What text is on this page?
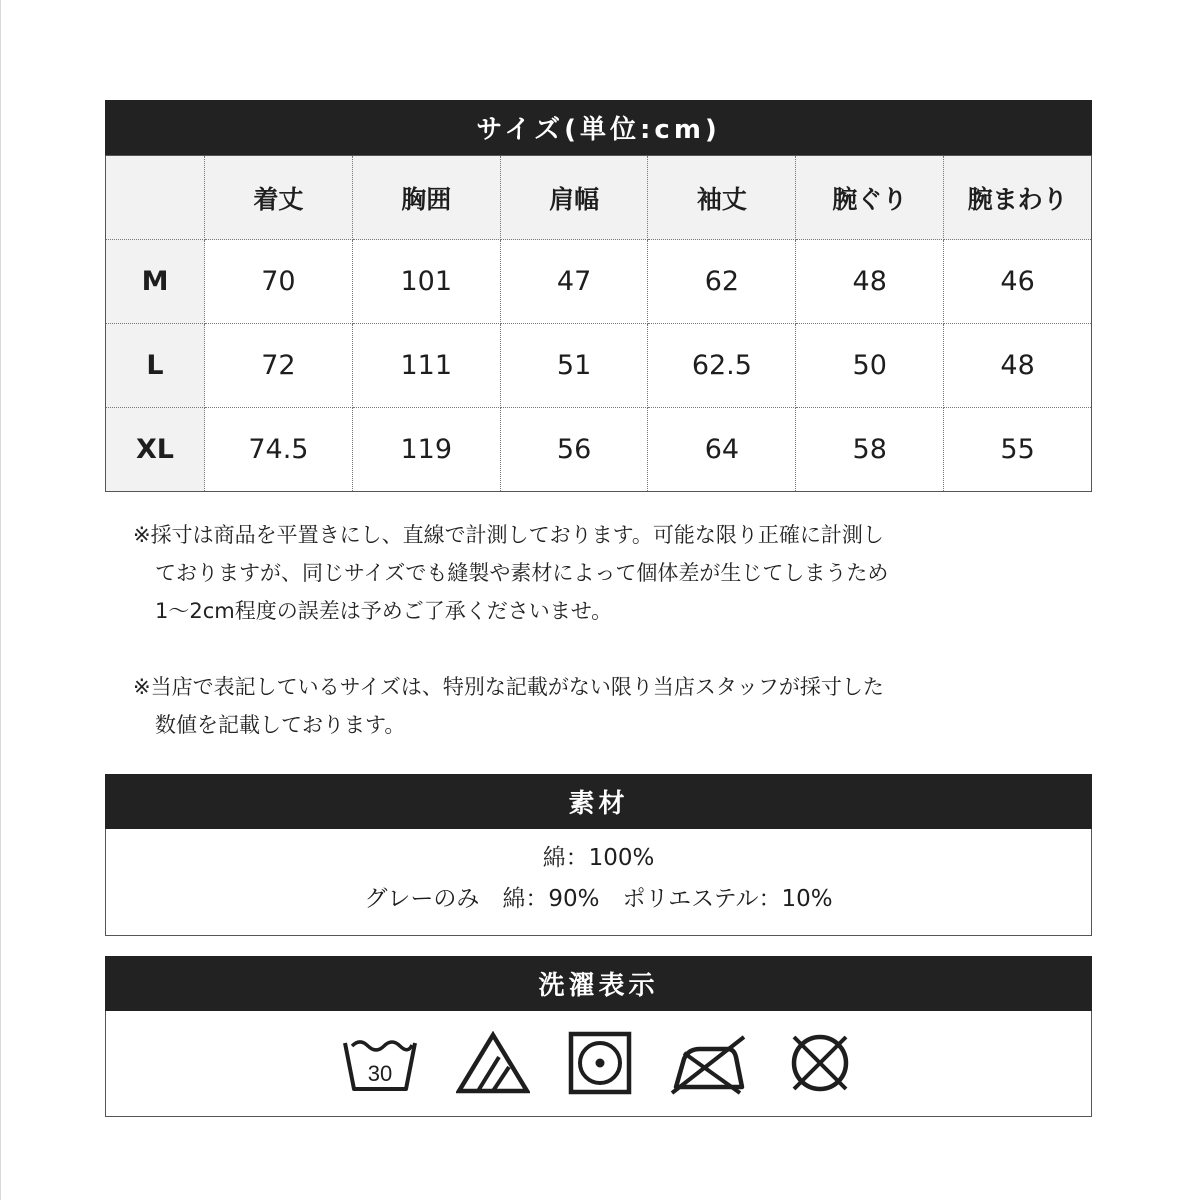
サイズ(単位:cm)
	着丈	胸囲	肩幅	袖丈	腕ぐり	腕まわり
M	70	101	47	62	48	46
L	72	111	51	62.5	50	48
XL	74.5	119	56	64	58	55
※採寸は商品を平置きにし、直線で計測しております。可能な限り正確に計測し
ておりますが、同じサイズでも縫製や素材によって個体差が生じてしまうため
1〜2cm程度の誤差は予めご了承くださいませ。
※当店で表記しているサイズは、特別な記載がない限り当店スタッフが採寸した
数値を記載しております。
素材
綿：100%
グレーのみ　綿：90%　ポリエステル：10%
洗濯表示
30
